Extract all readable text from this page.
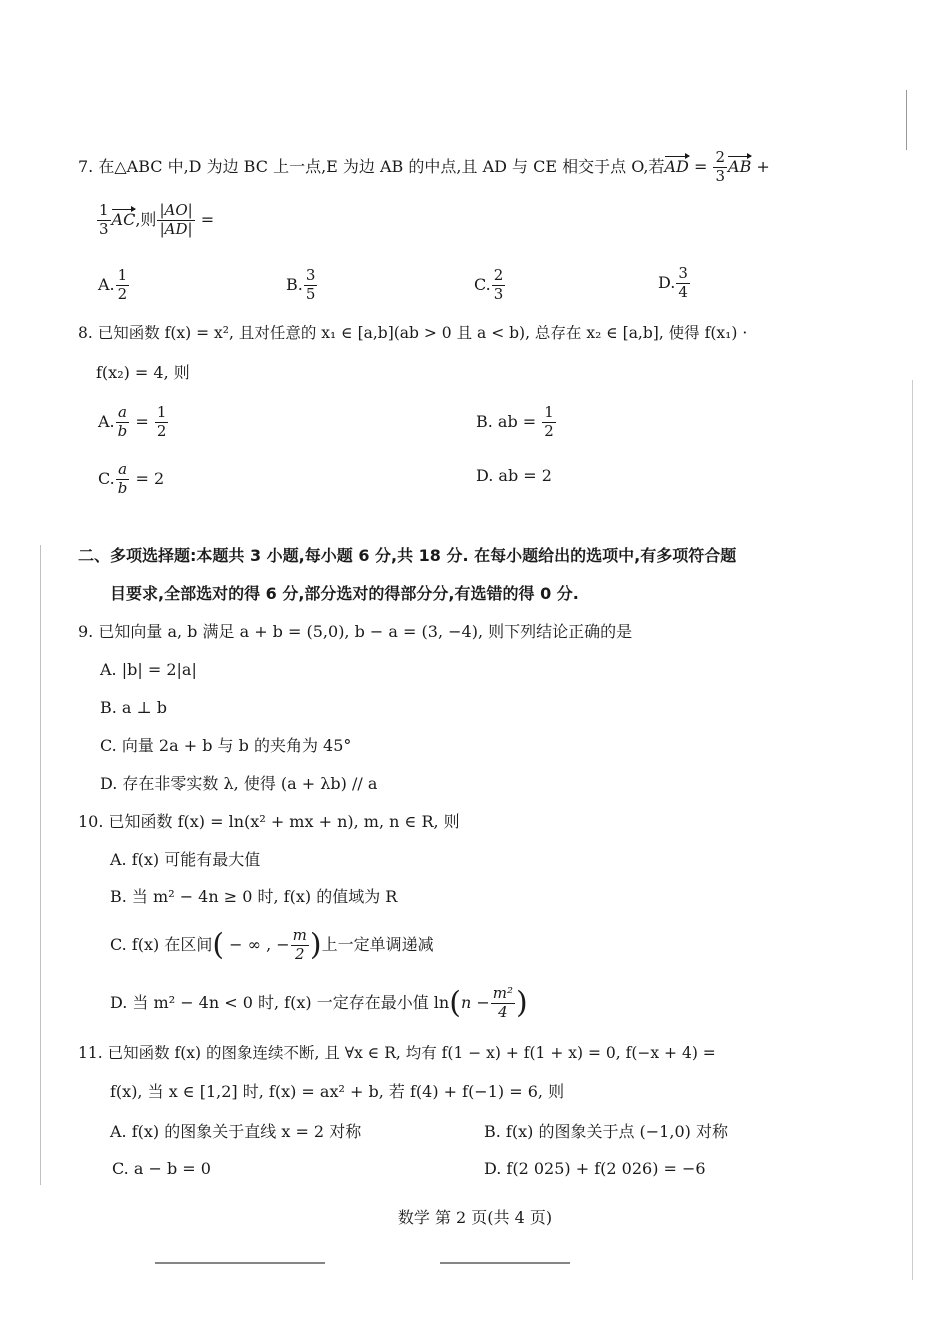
7. 在△ABC 中,D 为边 BC 上一点,E 为边 AB 的中点,且 AD 与 CE 相交于点 O,若AD = $\frac{2}{3}$ AB +
$\frac{1}{3}$ AC,则 $\frac{|AO|}{|AD|}$ =
A. $\frac{1}{2}$	B. $\frac{3}{5}$	C. $\frac{2}{3}$	D. $\frac{3}{4}$
8. 已知函数 f(x) = x², 且对任意的 x₁ ∈ [a,b](ab > 0 且 a < b), 总存在 x₂ ∈ [a,b], 使得 f(x₁) ·
f(x₂) = 4, 则
A. $\frac{a}{b} = \frac{1}{2}$	B. ab = $\frac{1}{2}$
C. $\frac{a}{b} = 2$	D. ab = 2
二、多项选择题:本题共 3 小题,每小题 6 分,共 18 分. 在每小题给出的选项中,有多项符合题
目要求,全部选对的得 6 分,部分选对的得部分分,有选错的得 0 分.
9. 已知向量 a, b 满足 a + b = (5,0), b − a = (3, −4), 则下列结论正确的是
A. |b| = 2|a|
B. a ⊥ b
C. 向量 2a + b 与 b 的夹角为 45°
D. 存在非零实数 λ, 使得 (a + λb) // a
10. 已知函数 f(x) = ln(x² + mx + n), m, n ∈ R, 则
A. f(x) 可能有最大值
B. 当 m² − 4n ≥ 0 时, f(x) 的值域为 R
C. f(x) 在区间( − ∞ , − $\frac{m}{2}$ )上一定单调递减
D. 当 m² − 4n < 0 时, f(x) 一定存在最小值 $\ln(n - \frac{\text{m²}}{4}$ )
11. 已知函数 f(x) 的图象连续不断, 且 ∀x ∈ R, 均有 f(1 − x) + f(1 + x) = 0, f(−x + 4) =
f(x), 当 x ∈ [1,2] 时, f(x) = ax² + b, 若 f(4) + f(−1) = 6, 则
A. f(x) 的图象关于直线 x = 2 对称	B. f(x) 的图象关于点 (−1,0) 对称
C. a − b = 0	D. f(2 025) + f(2 026) = −6
数学 第 2 页(共 4 页)
